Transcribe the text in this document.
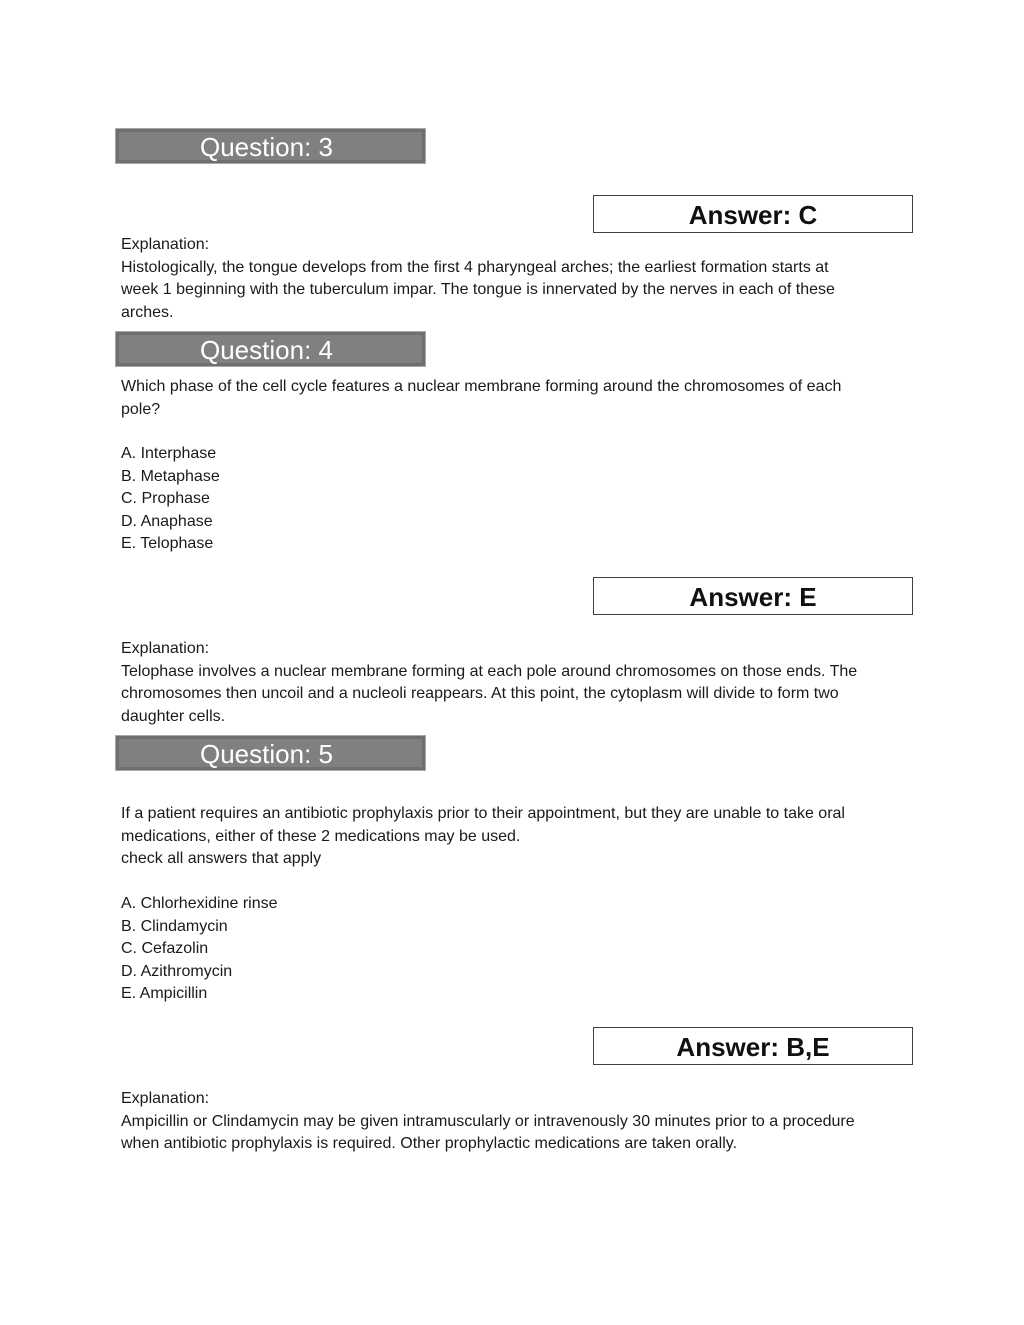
Question: 3
Answer: C
Explanation:
Histologically, the tongue develops from the first 4 pharyngeal arches; the earliest formation starts at
week 1 beginning with the tuberculum impar. The tongue is innervated by the nerves in each of these
arches.
Question: 4
Which phase of the cell cycle features a nuclear membrane forming around the chromosomes of each
pole?
A. Interphase
B. Metaphase
C. Prophase
D. Anaphase
E. Telophase
Answer: E
Explanation:
Telophase involves a nuclear membrane forming at each pole around chromosomes on those ends. The
chromosomes then uncoil and a nucleoli reappears. At this point, the cytoplasm will divide to form two
daughter cells.
Question: 5
If a patient requires an antibiotic prophylaxis prior to their appointment, but they are unable to take oral
medications, either of these 2 medications may be used.
check all answers that apply
A. Chlorhexidine rinse
B. Clindamycin
C. Cefazolin
D. Azithromycin
E. Ampicillin
Answer: B,E
Explanation:
Ampicillin or Clindamycin may be given intramuscularly or intravenously 30 minutes prior to a procedure
when antibiotic prophylaxis is required. Other prophylactic medications are taken orally.
